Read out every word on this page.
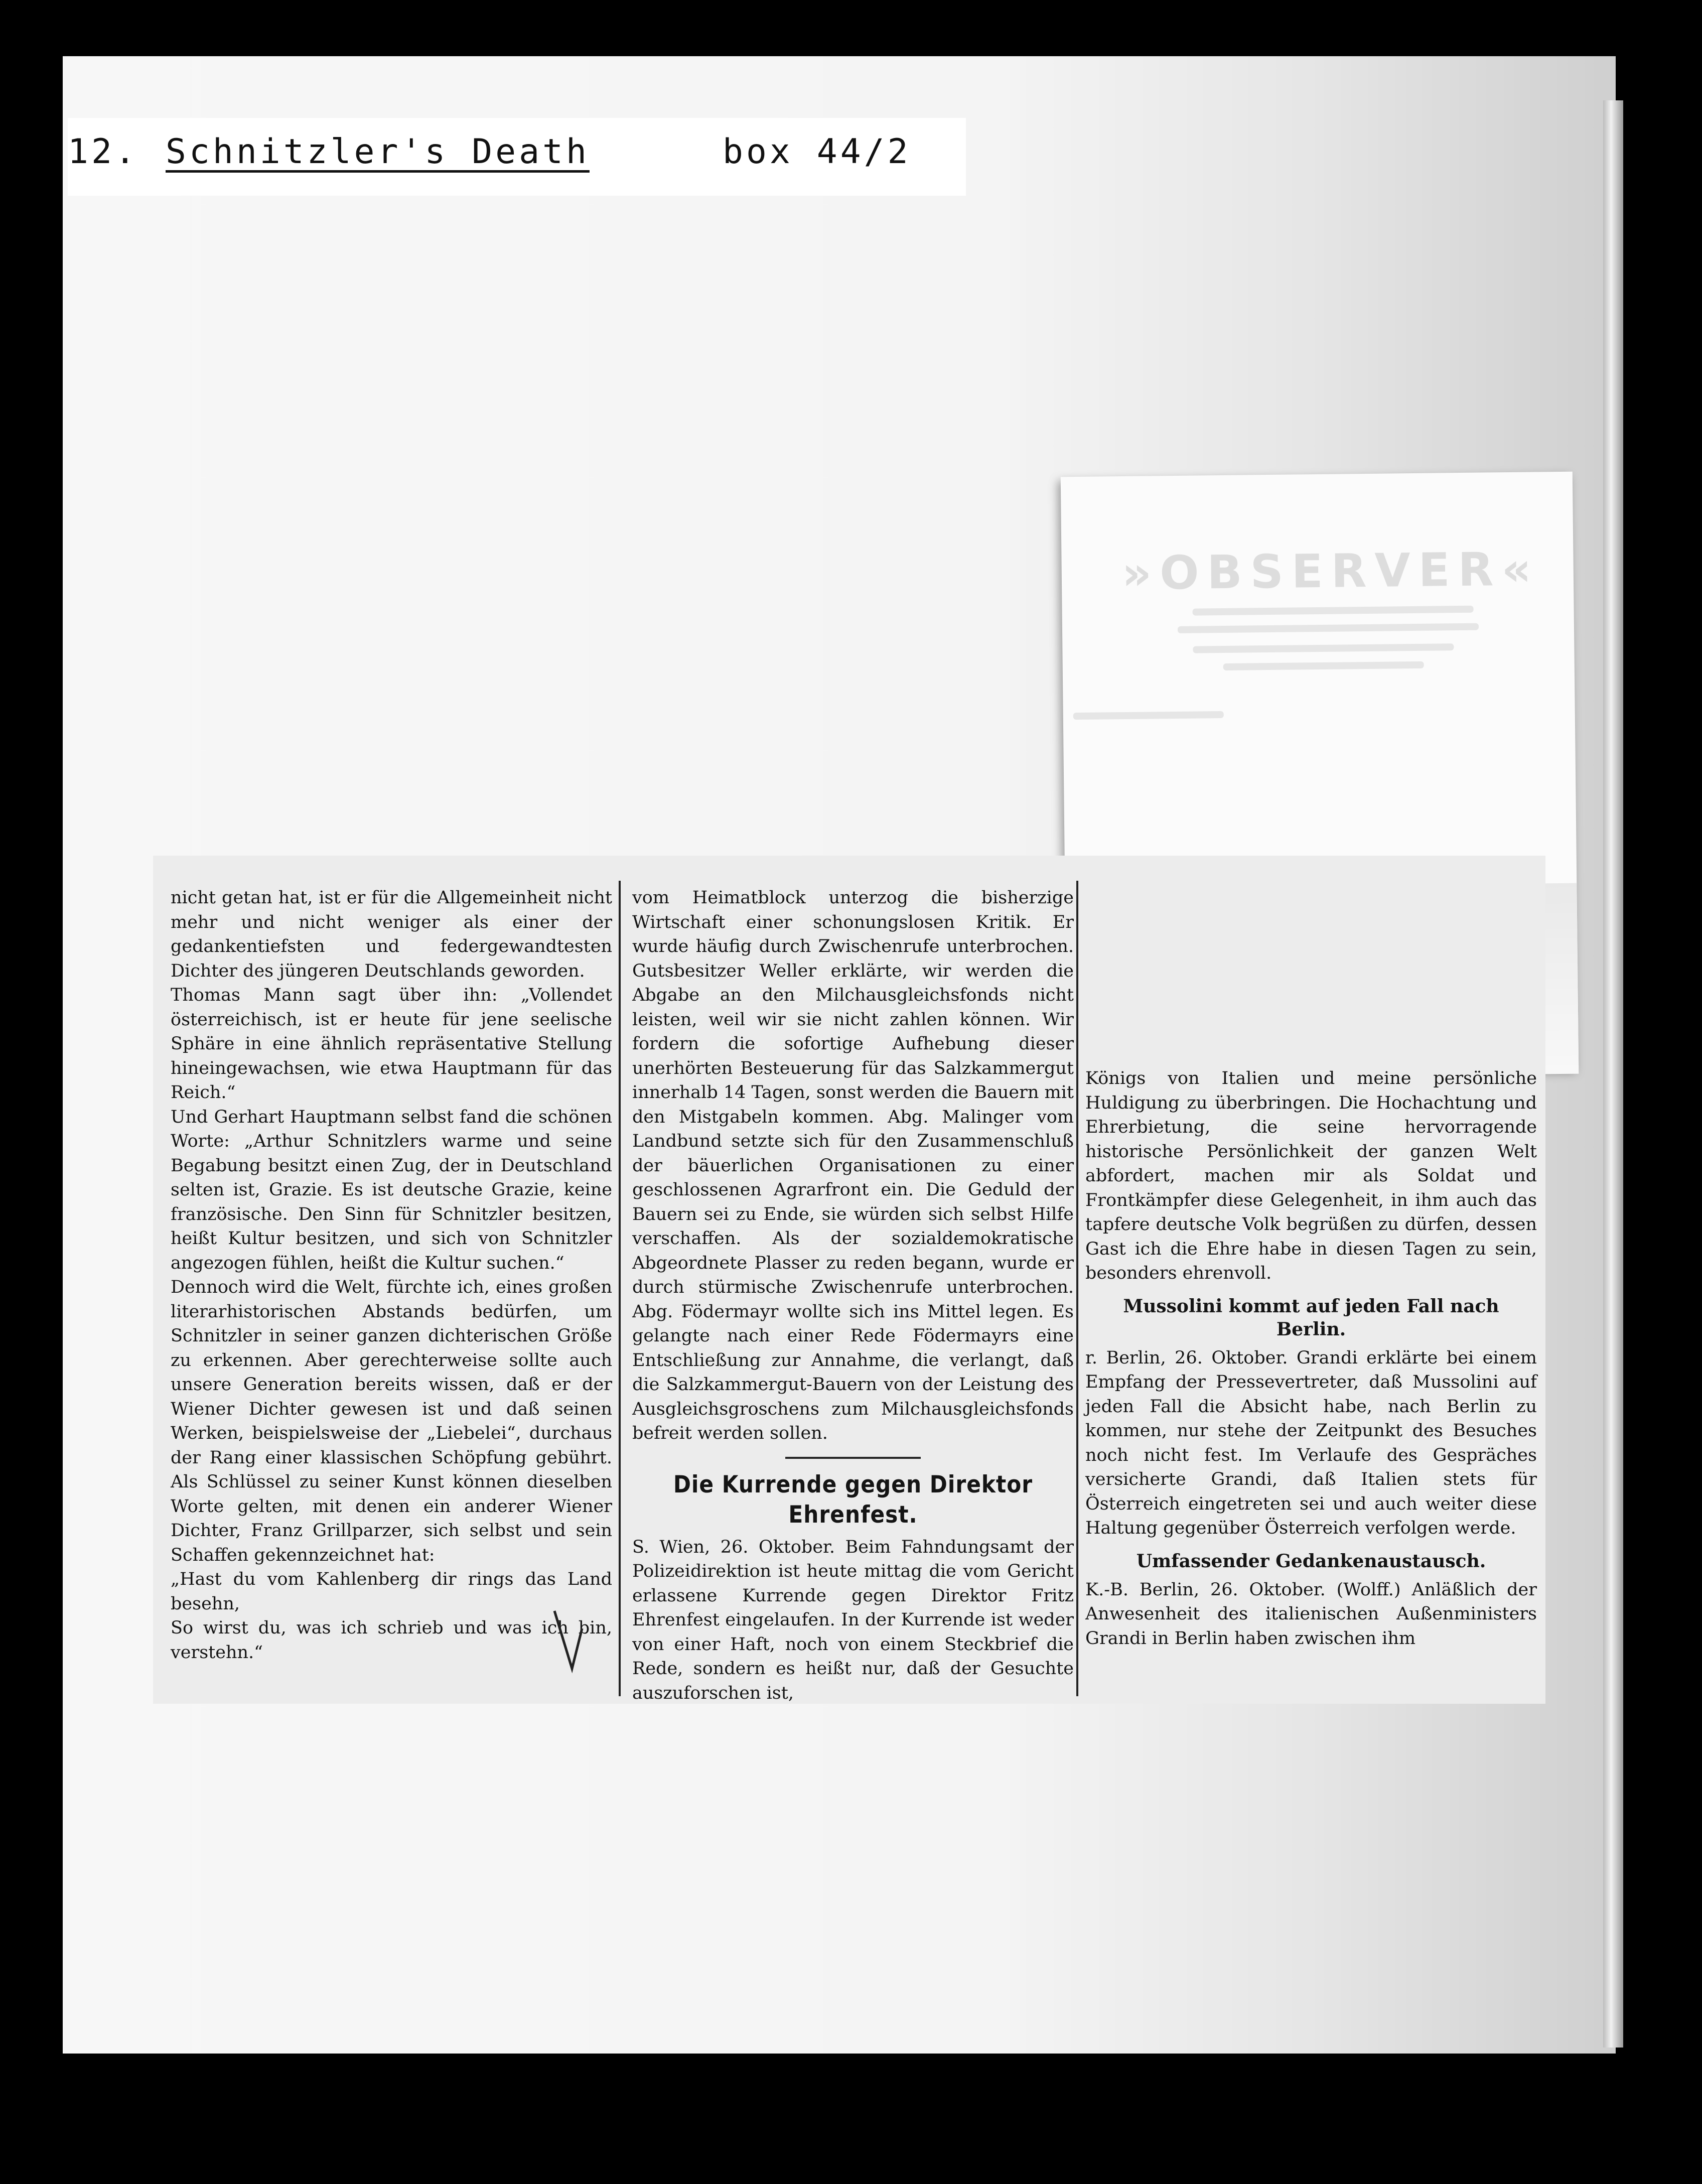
12. Schnitzler's Death	box 44/2
»OBSERVER«

nicht getan hat, ist er für die Allgemeinheit nicht mehr und nicht weniger als einer der gedankentiefsten und federgewandtesten Dichter des jüngeren Deutschlands geworden.
Thomas Mann sagt über ihn: „Vollendet österreichisch, ist er heute für jene seelische Sphäre in eine ähnlich repräsentative Stellung hineingewachsen, wie etwa Hauptmann für das Reich.“
Und Gerhart Hauptmann selbst fand die schönen Worte: „Arthur Schnitzlers warme und seine Begabung besitzt einen Zug, der in Deutschland selten ist, Grazie. Es ist deutsche Grazie, keine französische. Den Sinn für Schnitzler besitzen, heißt Kultur besitzen, und sich von Schnitzler angezogen fühlen, heißt die Kultur suchen.“
Dennoch wird die Welt, fürchte ich, eines großen literarhistorischen Abstands bedürfen, um Schnitzler in seiner ganzen dichterischen Größe zu erkennen. Aber gerechterweise sollte auch unsere Generation bereits wissen, daß er der Wiener Dichter gewesen ist und daß seinen Werken, beispielsweise der „Liebelei“, durchaus der Rang einer klassischen Schöpfung gebührt. Als Schlüssel zu seiner Kunst können dieselben Worte gelten, mit denen ein anderer Wiener Dichter, Franz Grillparzer, sich selbst und sein Schaffen gekennzeichnet hat:
„Hast du vom Kahlenberg dir rings das Land besehn,
So wirst du, was ich schrieb und was ich bin, verstehn.“

vom Heimatblock unterzog die bisherzige Wirtschaft einer schonungslosen Kritik. Er wurde häufig durch Zwischenrufe unterbrochen. Gutsbesitzer Weller erklärte, wir werden die Abgabe an den Milchausgleichsfonds nicht leisten, weil wir sie nicht zahlen können. Wir fordern die sofortige Aufhebung dieser unerhörten Besteuerung für das Salzkammergut innerhalb 14 Tagen, sonst werden die Bauern mit den Mistgabeln kommen. Abg. Malinger vom Landbund setzte sich für den Zusammenschluß der bäuerlichen Organisationen zu einer geschlossenen Agrarfront ein. Die Geduld der Bauern sei zu Ende, sie würden sich selbst Hilfe verschaffen. Als der sozialdemokratische Abgeordnete Plasser zu reden begann, wurde er durch stürmische Zwischenrufe unterbrochen. Abg. Födermayr wollte sich ins Mittel legen. Es gelangte nach einer Rede Födermayrs eine Entschließung zur Annahme, die verlangt, daß die Salzkammergut-Bauern von der Leistung des Ausgleichsgroschens zum Milchausgleichsfonds befreit werden sollen.

Die Kurrende gegen Direktor Ehrenfest.

S. Wien, 26. Oktober. Beim Fahndungsamt der Polizeidirektion ist heute mittag die vom Gericht erlassene Kurrende gegen Direktor Fritz Ehrenfest eingelaufen. In der Kurrende ist weder von einer Haft, noch von einem Steckbrief die Rede, sondern es heißt nur, daß der Gesuchte auszuforschen ist,

Königs von Italien und meine persönliche Huldigung zu überbringen. Die Hochachtung und Ehrerbietung, die seine hervorragende historische Persönlichkeit der ganzen Welt abfordert, machen mir als Soldat und Frontkämpfer diese Gelegenheit, in ihm auch das tapfere deutsche Volk begrüßen zu dürfen, dessen Gast ich die Ehre habe in diesen Tagen zu sein, besonders ehrenvoll.

Mussolini kommt auf jeden Fall nach Berlin.

r. Berlin, 26. Oktober. Grandi erklärte bei einem Empfang der Pressevertreter, daß Mussolini auf jeden Fall die Absicht habe, nach Berlin zu kommen, nur stehe der Zeitpunkt des Besuches noch nicht fest. Im Verlaufe des Gespräches versicherte Grandi, daß Italien stets für Österreich eingetreten sei und auch weiter diese Haltung gegenüber Österreich verfolgen werde.

Umfassender Gedankenaustausch.

K.-B. Berlin, 26. Oktober. (Wolff.) Anläßlich der Anwesenheit des italienischen Außenministers Grandi in Berlin haben zwischen ihm
